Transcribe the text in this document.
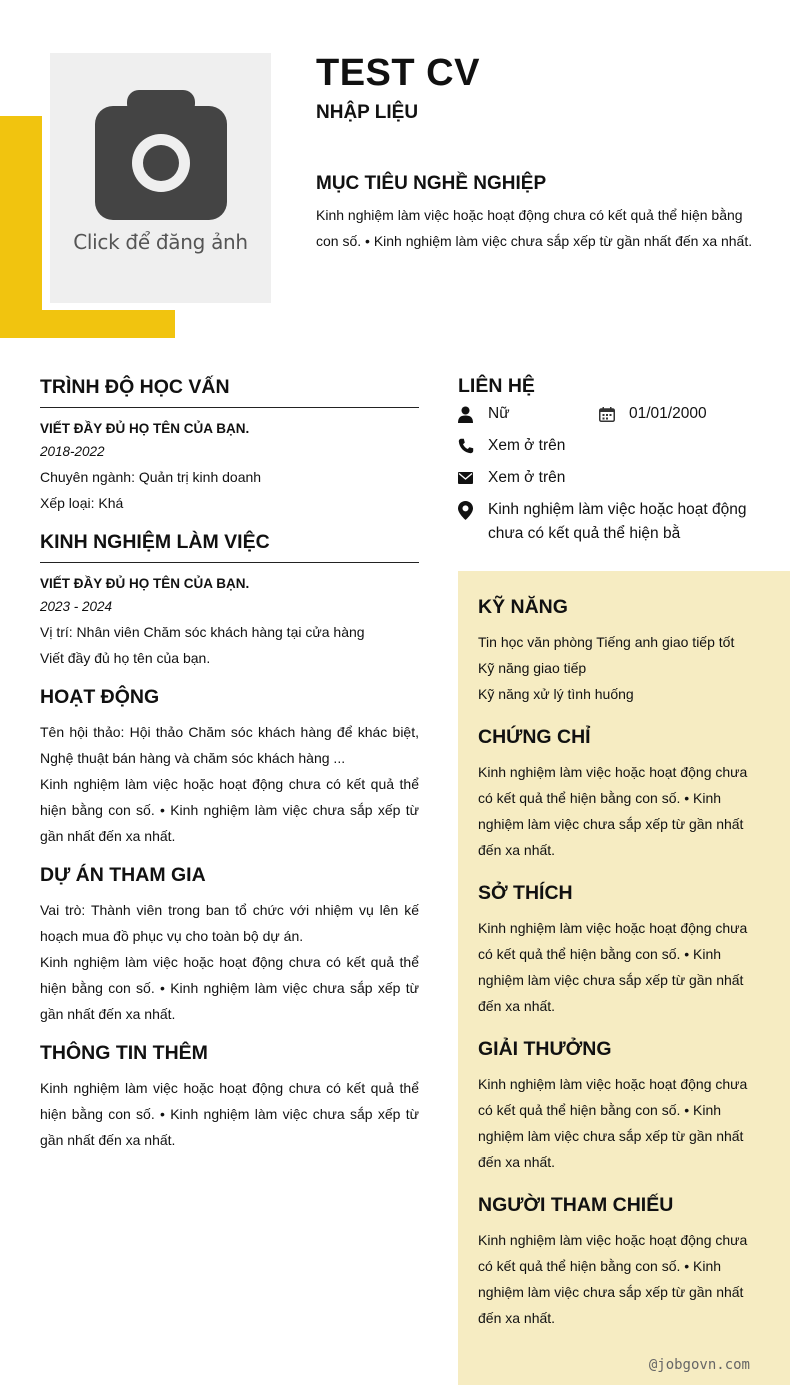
Click để đăng ảnh
TEST CV
NHẬP LIỆU
MỤC TIÊU NGHỀ NGHIỆP
Kinh nghiệm làm việc hoặc hoạt động chưa có kết quả thể hiện bằng con số. • Kinh nghiệm làm việc chưa sắp xếp từ gần nhất đến xa nhất.
TRÌNH ĐỘ HỌC VẤN
VIẾT ĐẦY ĐỦ HỌ TÊN CỦA BẠN.
2018-2022
Chuyên ngành: Quản trị kinh doanh
Xếp loại: Khá
KINH NGHIỆM LÀM VIỆC
VIẾT ĐẦY ĐỦ HỌ TÊN CỦA BẠN.
2023 - 2024
Vị trí: Nhân viên Chăm sóc khách hàng tại cửa hàng
Viết đầy đủ họ tên của bạn.
HOẠT ĐỘNG
Tên hội thảo: Hội thảo Chăm sóc khách hàng để khác biệt, Nghệ thuật bán hàng và chăm sóc khách hàng ...
Kinh nghiệm làm việc hoặc hoạt động chưa có kết quả thể hiện bằng con số. • Kinh nghiệm làm việc chưa sắp xếp từ gần nhất đến xa nhất.
DỰ ÁN THAM GIA
Vai trò: Thành viên trong ban tổ chức với nhiệm vụ lên kế hoạch mua đồ phục vụ cho toàn bộ dự án.
Kinh nghiệm làm việc hoặc hoạt động chưa có kết quả thể hiện bằng con số. • Kinh nghiệm làm việc chưa sắp xếp từ gần nhất đến xa nhất.
THÔNG TIN THÊM
Kinh nghiệm làm việc hoặc hoạt động chưa có kết quả thể hiện bằng con số. • Kinh nghiệm làm việc chưa sắp xếp từ gần nhất đến xa nhất.
LIÊN HỆ
Nữ	01/01/2000
Xem ở trên
Xem ở trên
Kinh nghiệm làm việc hoặc hoạt động chưa có kết quả thể hiện bằ
KỸ NĂNG
Tin học văn phòng Tiếng anh giao tiếp tốt
Kỹ năng giao tiếp
Kỹ năng xử lý tình huống
CHỨNG CHỈ
Kinh nghiệm làm việc hoặc hoạt động chưa có kết quả thể hiện bằng con số. • Kinh nghiệm làm việc chưa sắp xếp từ gần nhất đến xa nhất.
SỞ THÍCH
Kinh nghiệm làm việc hoặc hoạt động chưa có kết quả thể hiện bằng con số. • Kinh nghiệm làm việc chưa sắp xếp từ gần nhất đến xa nhất.
GIẢI THƯỞNG
Kinh nghiệm làm việc hoặc hoạt động chưa có kết quả thể hiện bằng con số. • Kinh nghiệm làm việc chưa sắp xếp từ gần nhất đến xa nhất.
NGƯỜI THAM CHIẾU
Kinh nghiệm làm việc hoặc hoạt động chưa có kết quả thể hiện bằng con số. • Kinh nghiệm làm việc chưa sắp xếp từ gần nhất đến xa nhất.
@jobgovn.com
